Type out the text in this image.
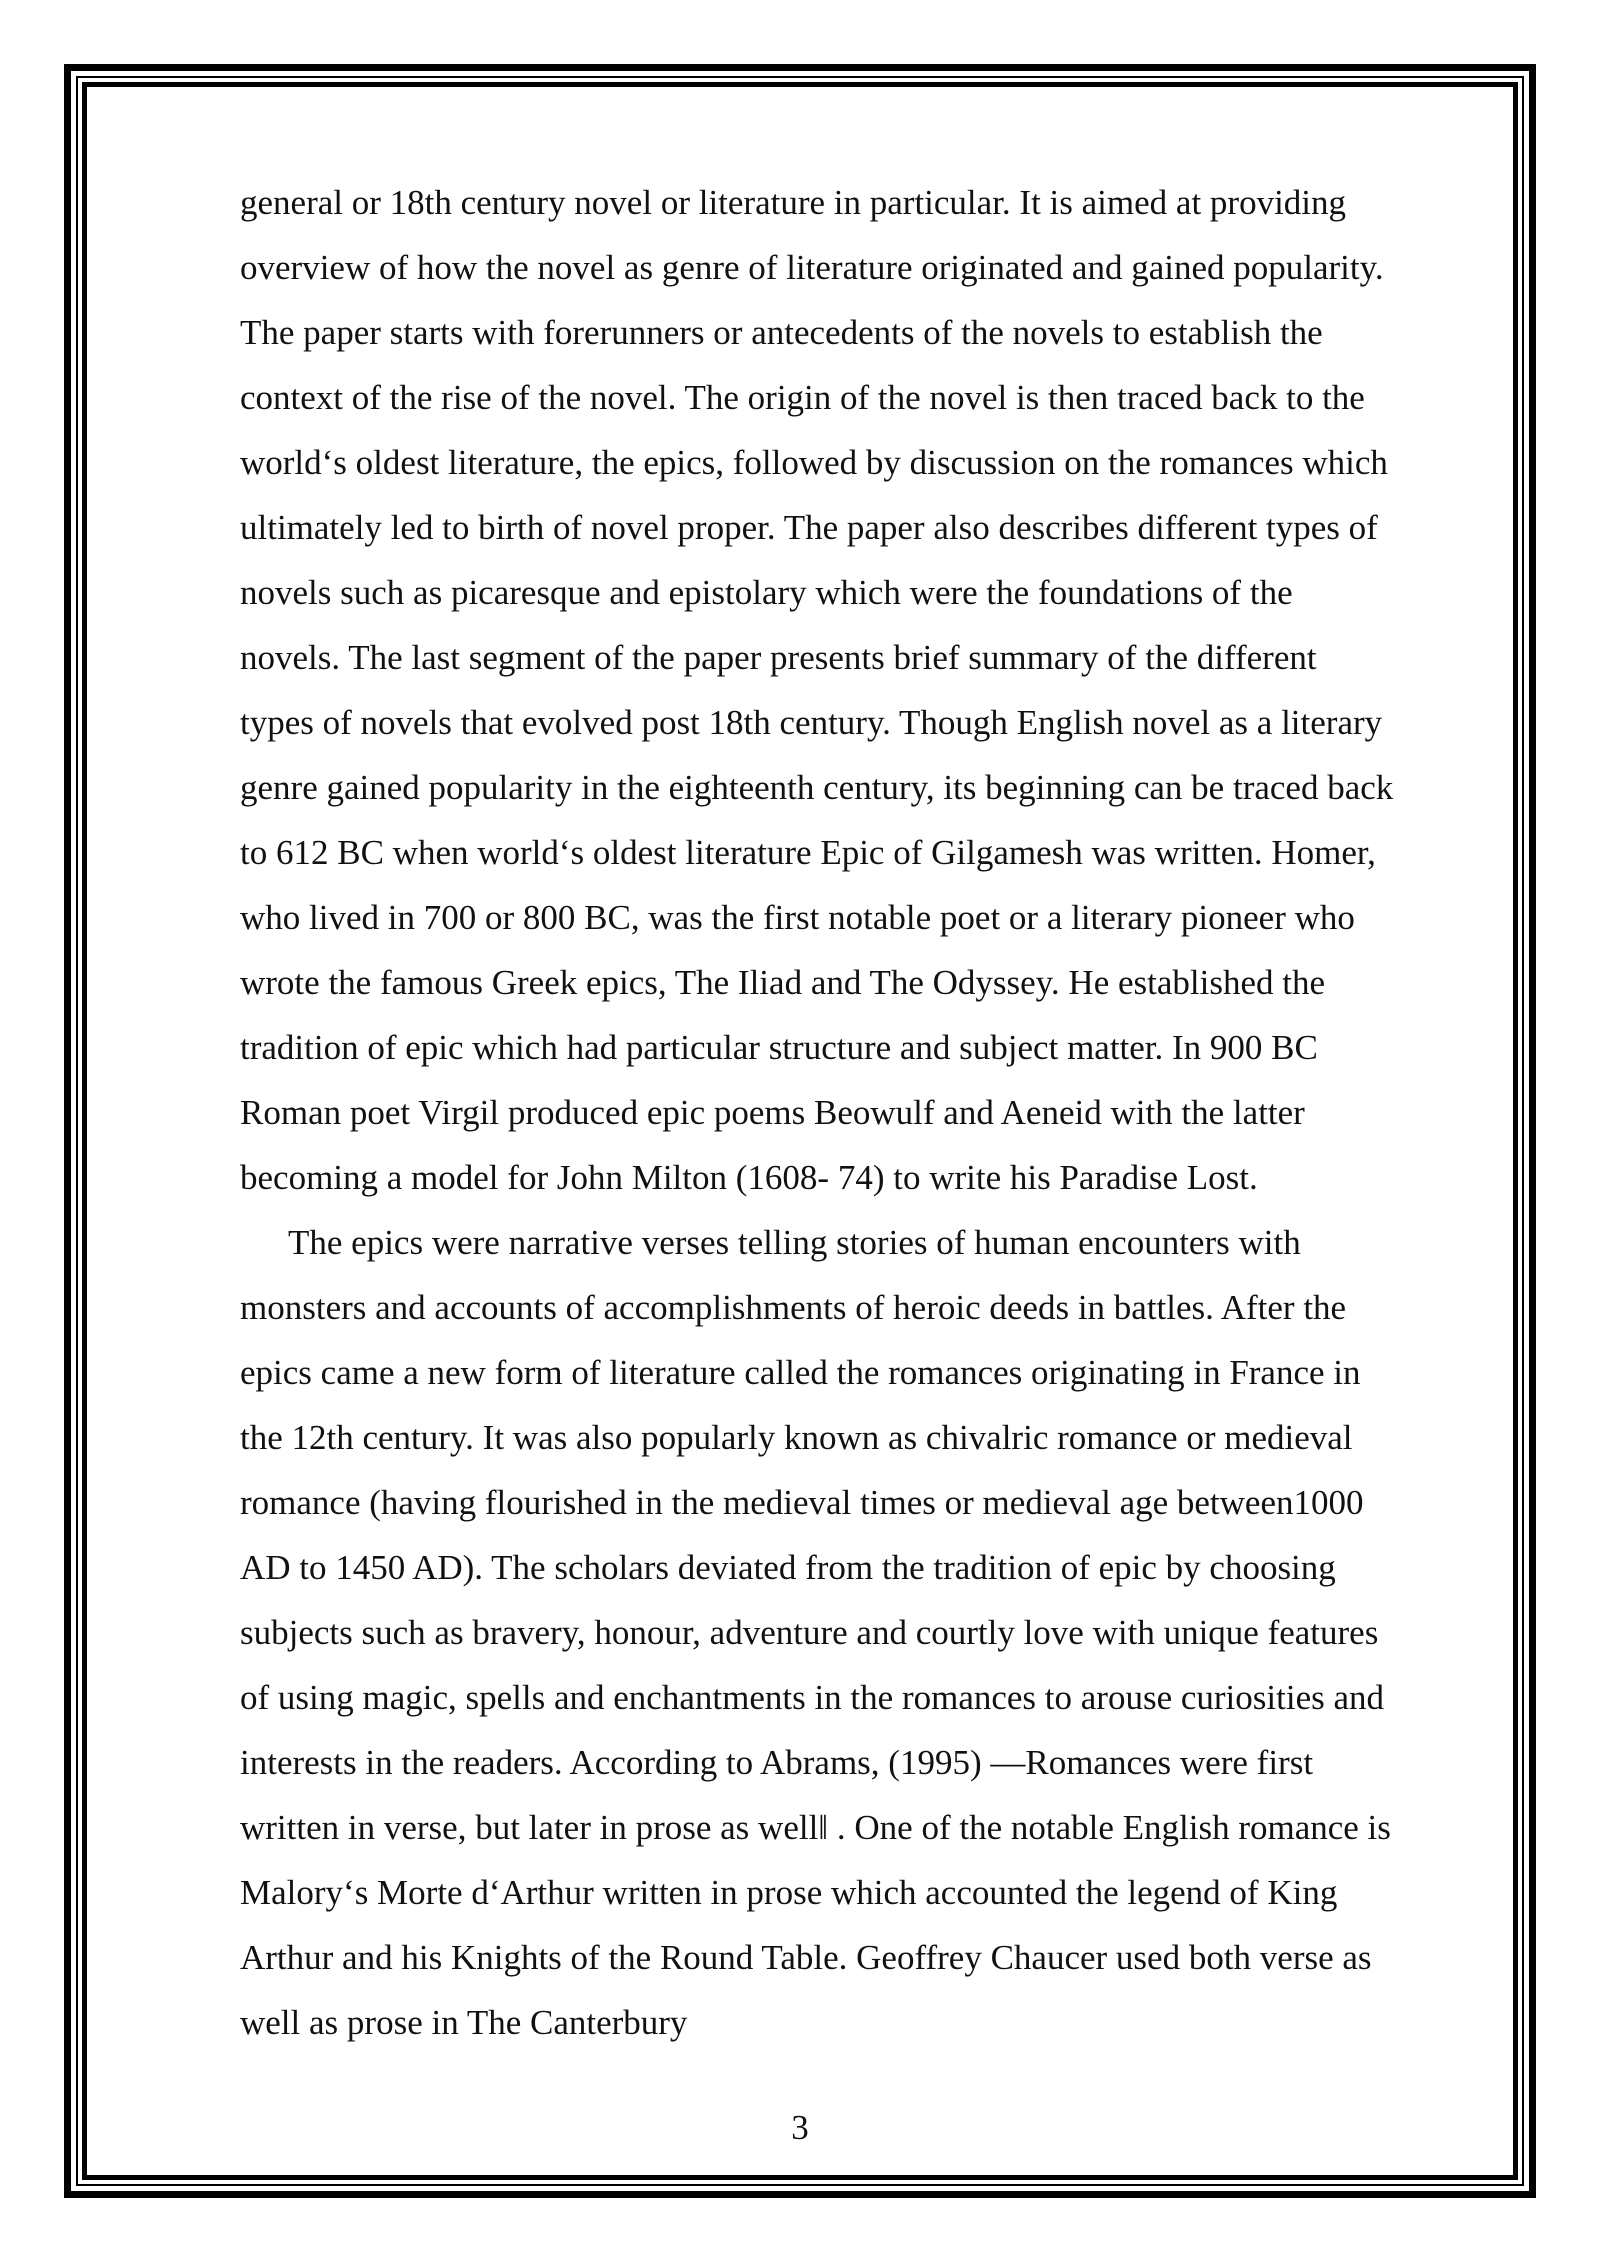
general or 18th century novel or literature in particular. It is aimed at providing
overview of how the novel as genre of literature originated and gained popularity.
The paper starts with forerunners or antecedents of the novels to establish the
context of the rise of the novel. The origin of the novel is then traced back to the
world‘s oldest literature, the epics, followed by discussion on the romances which
ultimately led to birth of novel proper. The paper also describes different types of
novels such as picaresque and epistolary which were the foundations of the
novels. The last segment of the paper presents brief summary of the different
types of novels that evolved post 18th century. Though English novel as a literary
genre gained popularity in the eighteenth century, its beginning can be traced back
to 612 BC when world‘s oldest literature Epic of Gilgamesh was written. Homer,
who lived in 700 or 800 BC, was the first notable poet or a literary pioneer who
wrote the famous Greek epics, The Iliad and The Odyssey. He established the
tradition of epic which had particular structure and subject matter. In 900 BC
Roman poet Virgil produced epic poems Beowulf and Aeneid with the latter
becoming a model for John Milton (1608- 74) to write his Paradise Lost.
The epics were narrative verses telling stories of human encounters with
monsters and accounts of accomplishments of heroic deeds in battles. After the
epics came a new form of literature called the romances originating in France in
the 12th century. It was also popularly known as chivalric romance or medieval
romance (having flourished in the medieval times or medieval age between1000
AD to 1450 AD). The scholars deviated from the tradition of epic by choosing
subjects such as bravery, honour, adventure and courtly love with unique features
of using magic, spells and enchantments in the romances to arouse curiosities and
interests in the readers. According to Abrams, (1995) ―Romances were first
written in verse, but later in prose as well‖ . One of the notable English romance is
Malory‘s Morte d‘Arthur written in prose which accounted the legend of King
Arthur and his Knights of the Round Table. Geoffrey Chaucer used both verse as
well as prose in The Canterbury
3
